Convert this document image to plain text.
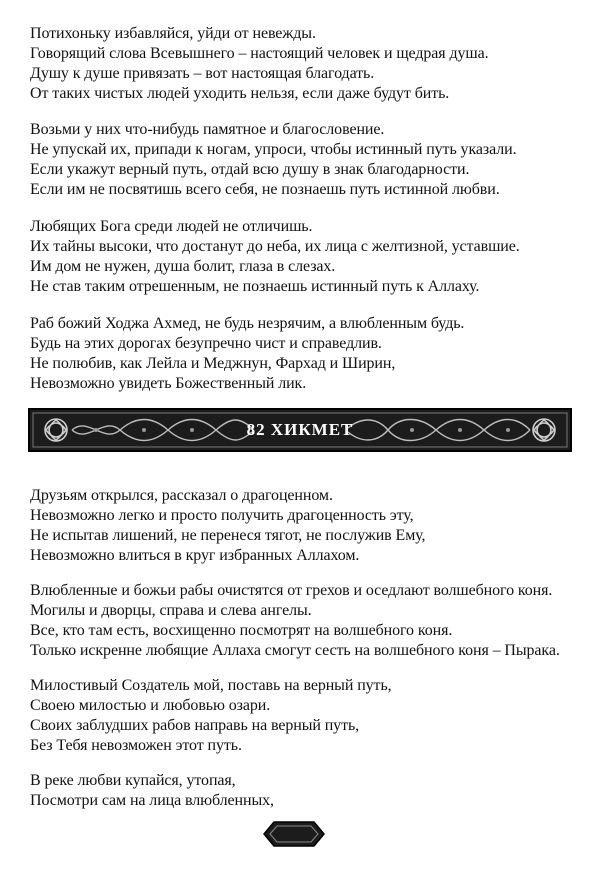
Потихоньку избавляйся, уйди от невежды.
Говорящий слова Всевышнего – настоящий человек и щедрая душа.
Душу к душе привязать – вот настоящая благодать.
От таких чистых людей уходить нельзя, если даже будут бить.
Возьми у них что-нибудь памятное и благословение.
Не упускай их, припади к ногам, упроси, чтобы истинный путь указали.
Если укажут верный путь, отдай всю душу в знак благодарности.
Если им не посвятишь всего себя, не познаешь путь истинной любви.
Любящих Бога среди людей не отличишь.
Их тайны высоки, что достанут до неба, их лица с желтизной, уставшие.
Им дом не нужен, душа болит, глаза в слезах.
Не став таким отрешенным, не познаешь истинный путь к Аллаху.
Раб божий Ходжа Ахмед, не будь незрячим, а влюбленным будь.
Будь на этих дорогах безупречно чист и справедлив.
Не полюбив, как Лейла и Меджнун, Фархад и Ширин,
Невозможно увидеть Божественный лик.
82 ХИКМЕТ
Друзьям открылся, рассказал о драгоценном.
Невозможно легко и просто получить драгоценность эту,
Не испытав лишений, не перенеся тягот, не послужив Ему,
Невозможно влиться в круг избранных Аллахом.
Влюбленные и божьи рабы очистятся от грехов и оседлают волшебного коня.
Могилы и дворцы, справа и слева ангелы.
Все, кто там есть, восхищенно посмотрят на волшебного коня.
Только искренне любящие Аллаха смогут сесть на волшебного коня – Пырака.
Милостивый Создатель мой, поставь на верный путь,
Своею милостью и любовью озари.
Своих заблудших рабов направь на верный путь,
Без Тебя невозможен этот путь.
В реке любви купайся, утопая,
Посмотри сам на лица влюбленных,
